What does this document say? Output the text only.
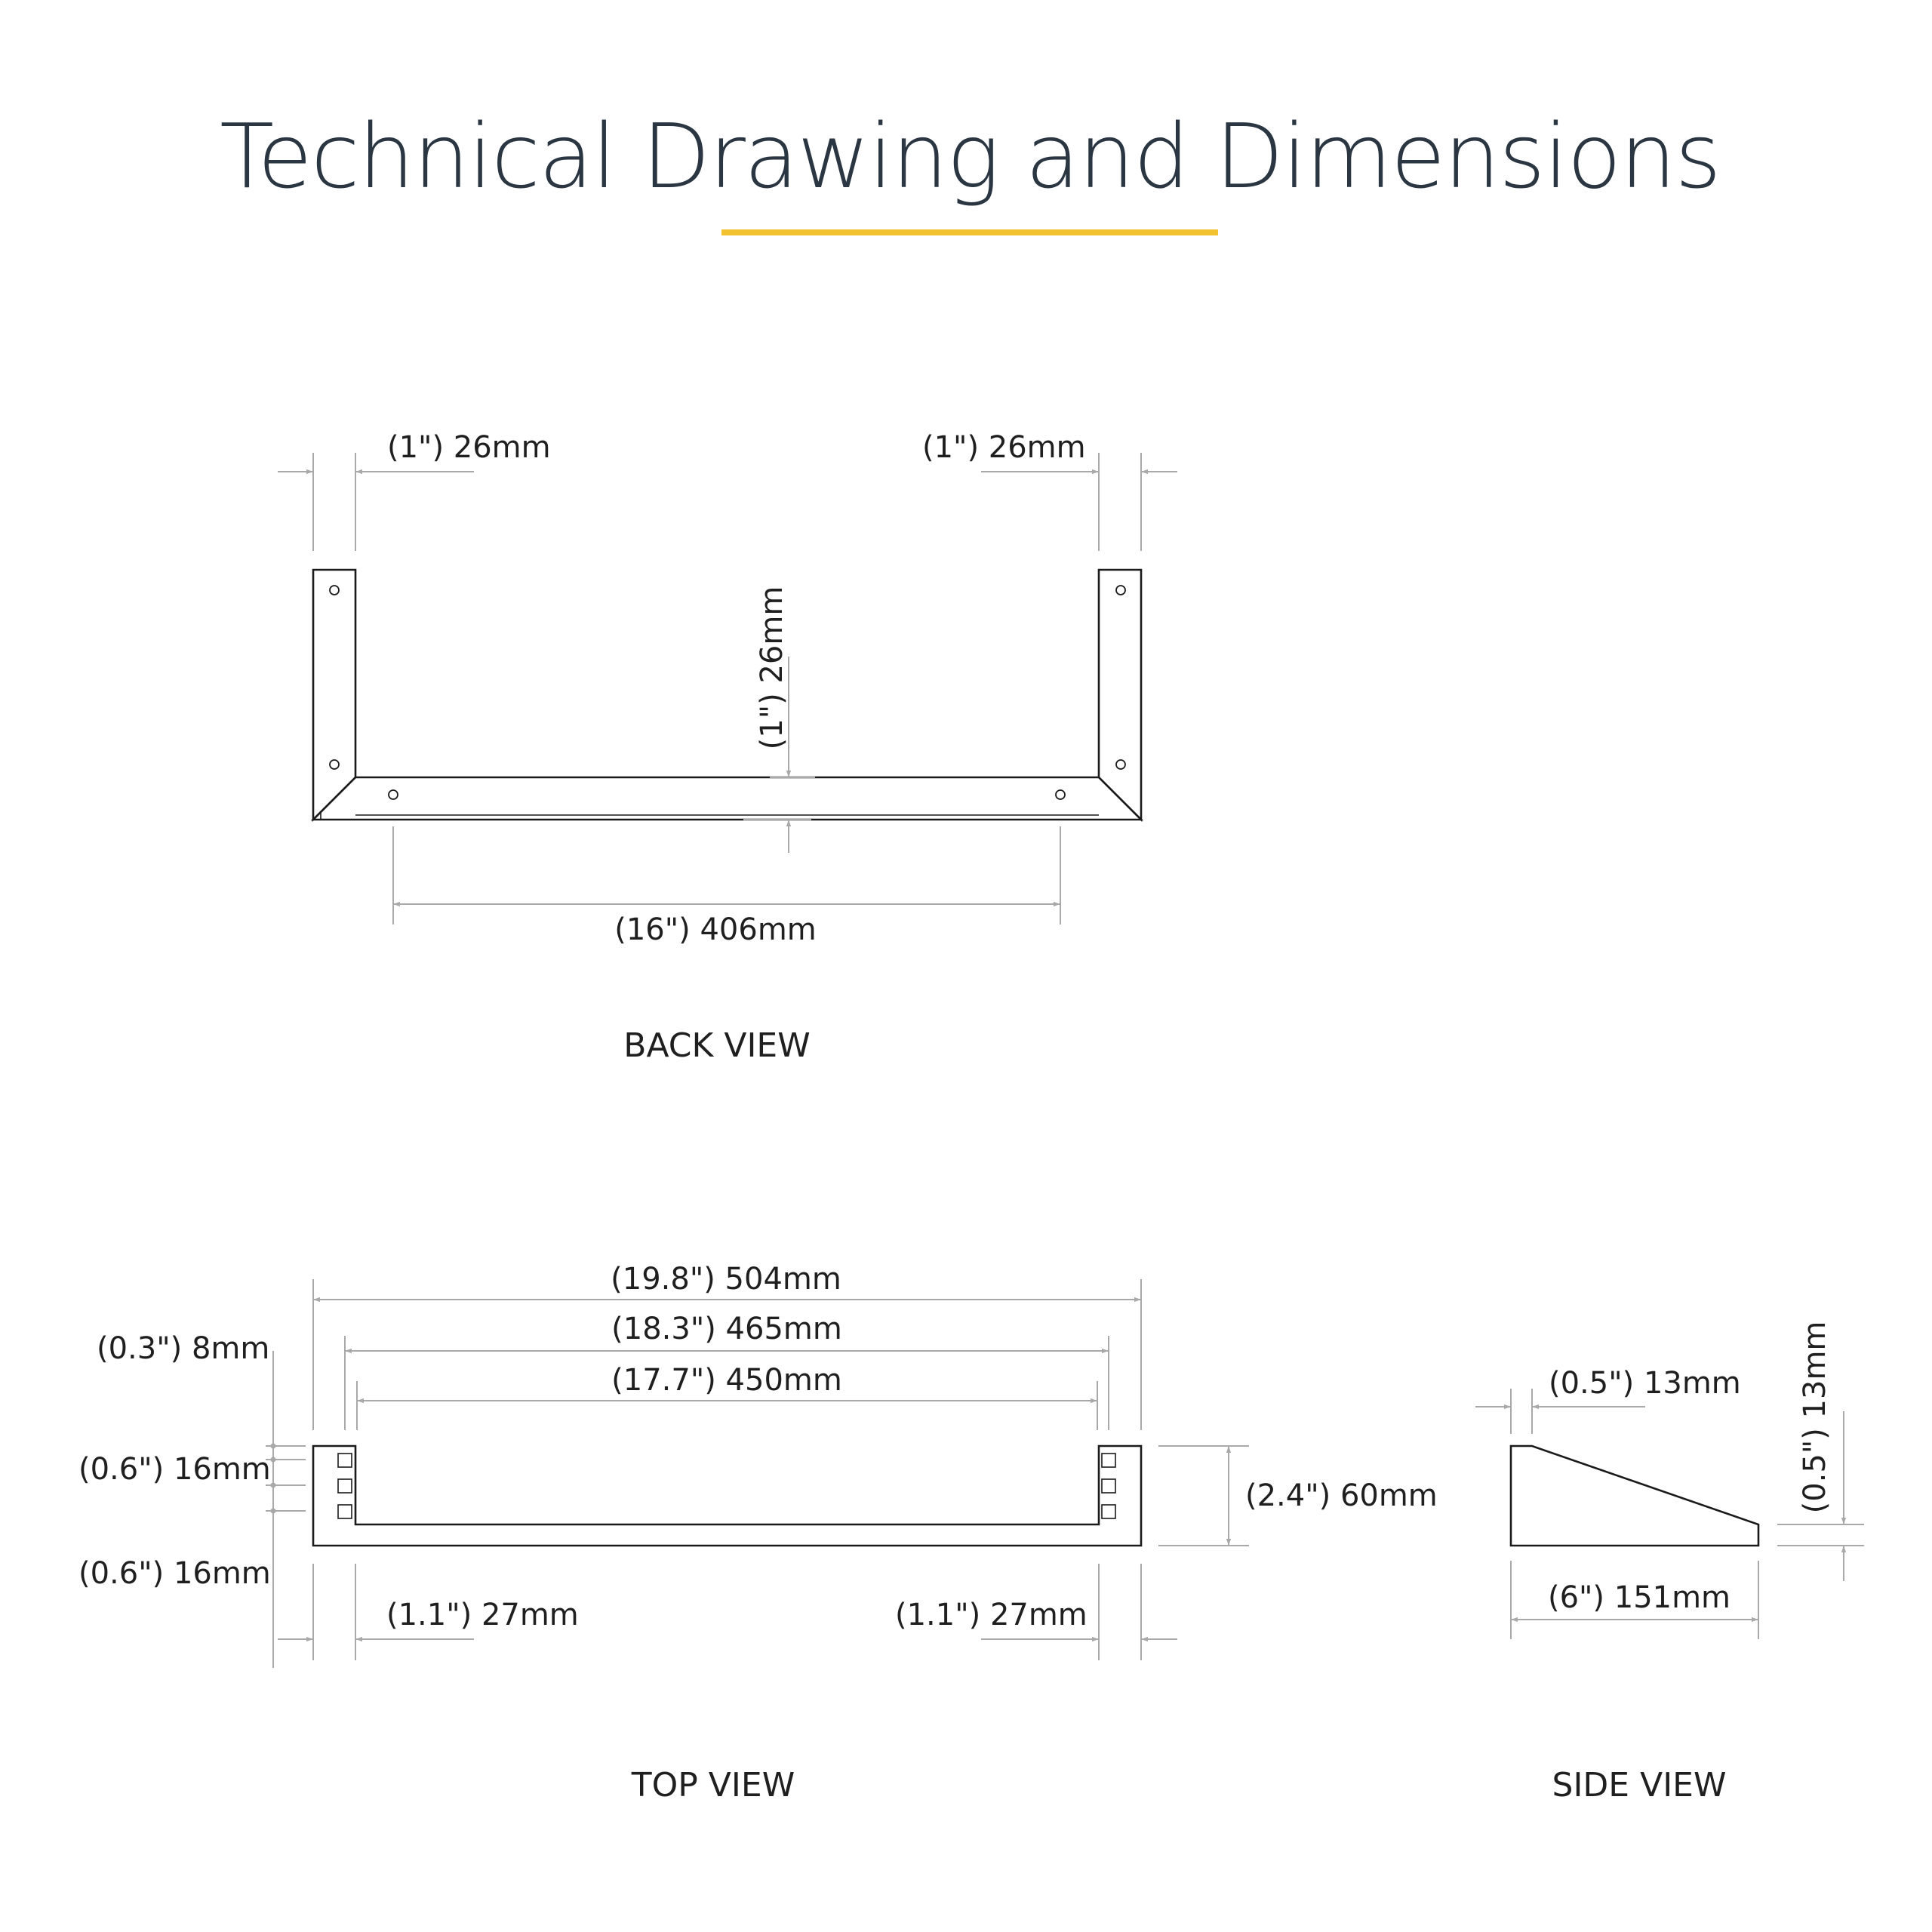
Technical Drawing and Dimensions
(1") 26mm	(1") 26mm
(1") 26mm
(16") 406mm
BACK VIEW
(19.8") 504mm
(18.3") 465mm
(17.7") 450mm
(0.3") 8mm
(0.6") 16mm
(0.6") 16mm
(2.4") 60mm
(1.1") 27mm	(1.1") 27mm
TOP VIEW
(0.5") 13mm (0.5") 13mm
(6") 151mm
SIDE VIEW
